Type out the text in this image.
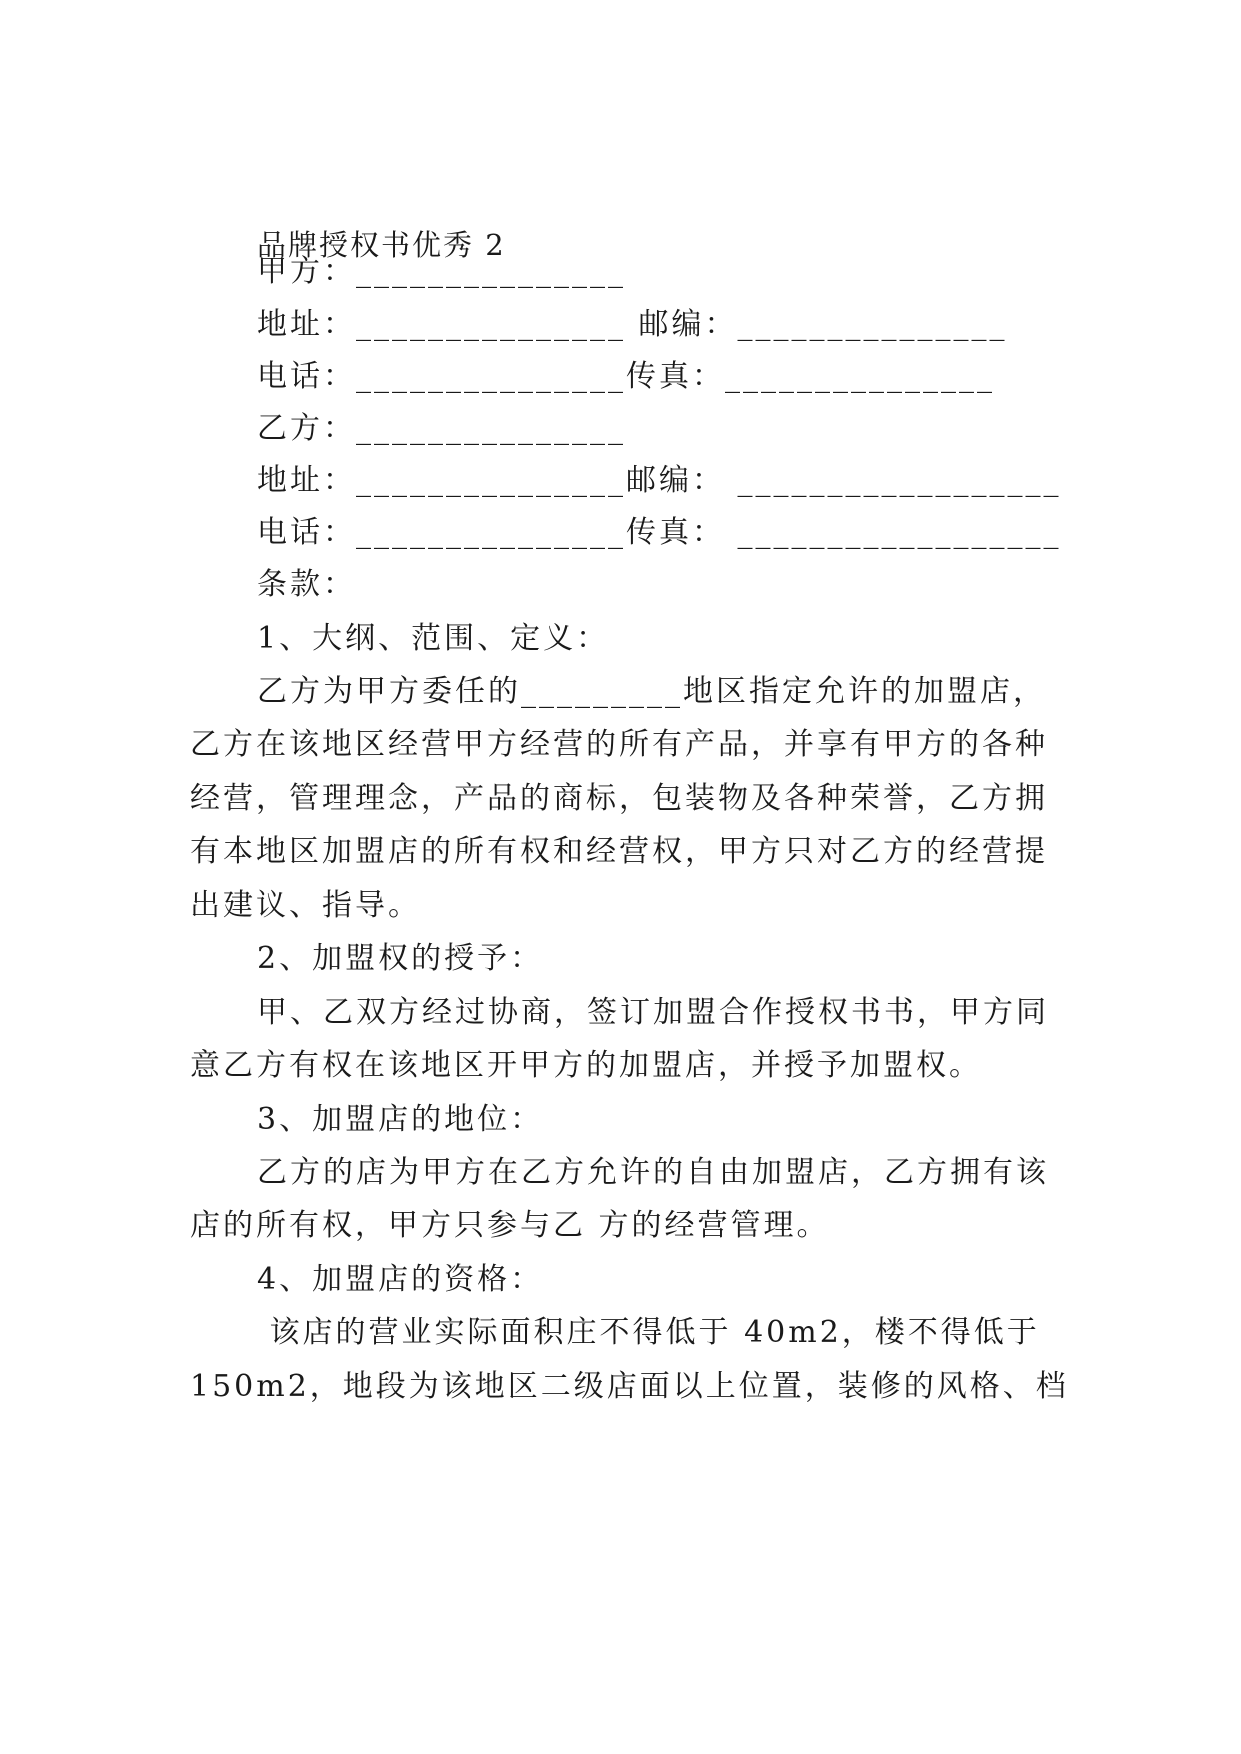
品牌授权书优秀 2
甲方：_______________
地址：_______________ 邮编：_______________
电话：_______________传真：_______________
乙方：_______________
地址：_______________邮编： __________________
电话：_______________传真： __________________
条款：
1、大纲、范围、定义：
乙方为甲方委任的_________地区指定允许的加盟店，
乙方在该地区经营甲方经营的所有产品，并享有甲方的各种
经营，管理理念，产品的商标，包装物及各种荣誉，乙方拥
有本地区加盟店的所有权和经营权，甲方只对乙方的经营提
出建议、指导。
2、加盟权的授予：
甲、乙双方经过协商，签订加盟合作授权书书，甲方同
意乙方有权在该地区开甲方的加盟店，并授予加盟权。
3、加盟店的地位：
乙方的店为甲方在乙方允许的自由加盟店，乙方拥有该
店的所有权，甲方只参与乙 方的经营管理。
4、加盟店的资格：
该店的营业实际面积庄不得低于 40m2，楼不得低于
150m2，地段为该地区二级店面以上位置，装修的风格、档
